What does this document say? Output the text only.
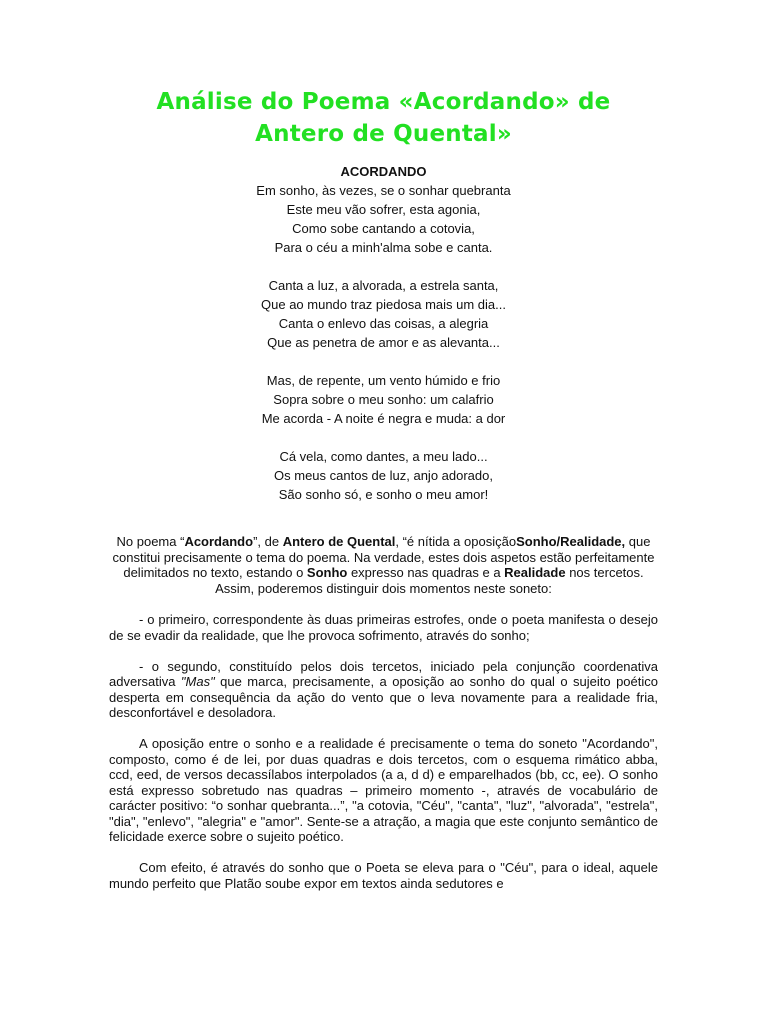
Análise do Poema «Acordando» de Antero de Quental»
ACORDANDO
Em sonho, às vezes, se o sonhar quebranta
Este meu vão sofrer, esta agonia,
Como sobe cantando a cotovia,
Para o céu a minh'alma sobe e canta.
Canta a luz, a alvorada, a estrela santa,
Que ao mundo traz piedosa mais um dia...
Canta o enlevo das coisas, a alegria
Que as penetra de amor e as alevanta...
Mas, de repente, um vento húmido e frio
Sopra sobre o meu sonho: um calafrio
Me acorda - A noite é negra e muda: a dor
Cá vela, como dantes, a meu lado...
Os meus cantos de luz, anjo adorado,
São sonho só, e sonho o meu amor!
No poema “Acordando”, de Antero de Quental, “é nítida a oposiçãoSonho/Realidade, que constitui precisamente o tema do poema. Na verdade, estes dois aspetos estão perfeitamente delimitados no texto, estando o Sonho expresso nas quadras e a Realidade nos tercetos. Assim, poderemos distinguir dois momentos neste soneto:

- o primeiro, correspondente às duas primeiras estrofes, onde o poeta manifesta o desejo de se evadir da realidade, que lhe provoca sofrimento, através do sonho;

- o segundo, constituído pelos dois tercetos, iniciado pela conjunção coordenativa adversativa "Mas" que marca, precisamente, a oposição ao sonho do qual o sujeito poético desperta em consequência da ação do vento que o leva novamente para a realidade fria, desconfortável e desoladora.

A oposição entre o sonho e a realidade é precisamente o tema do soneto "Acordando", composto, como é de lei, por duas quadras e dois tercetos, com o esquema rimático abba, ccd, eed, de versos decassílabos interpolados (a a, d d) e emparelhados (bb, cc, ee). O sonho está expresso sobretudo nas quadras – primeiro momento -, através de vocabulário de carácter positivo: “o sonhar quebranta...”, "a cotovia, "Céu", "canta", "luz", "alvorada", "estrela", "dia", "enlevo", "alegria" e "amor". Sente-se a atração, a magia que este conjunto semântico de felicidade exerce sobre o sujeito poético.

Com efeito, é através do sonho que o Poeta se eleva para o "Céu", para o ideal, aquele mundo perfeito que Platão soube expor em textos ainda sedutores e
